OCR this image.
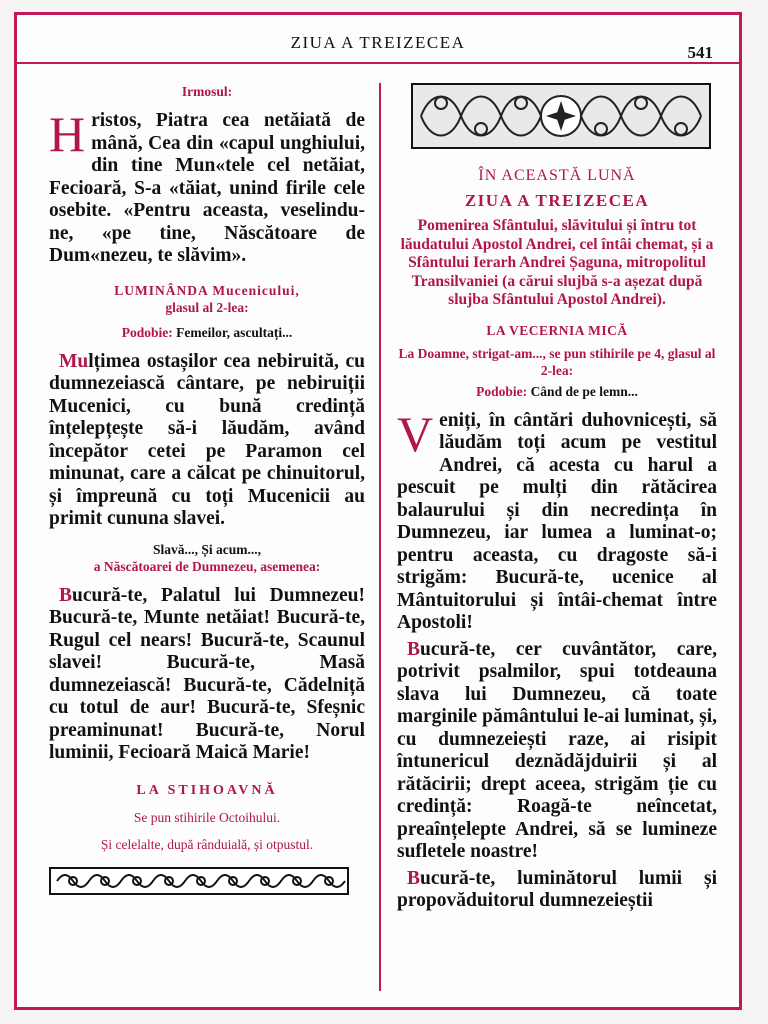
ZIUA A TREIZECEA
541
Irmosul:
Hristos, Piatra cea netăiată de mână, Cea din «capul unghiului, din tine Mun«tele cel netăiat, Fecioară, S-a «tăiat, unind firile cele osebite. «Pentru aceasta, veselindu-ne, «pe tine, Născătoare de Dum«nezeu, te slăvim».
LUMINÂNDA Mucenicului,
glasul al 2-lea:
Podobie: Femeilor, ascultați...
Mulțimea ostașilor cea nebiruită, cu dumnezeiască cântare, pe nebiruiții Mucenici, cu bună credință înțelepțește să-i lăudăm, având începător cetei pe Paramon cel minunat, care a călcat pe chinuitorul, și împreună cu toți Mucenicii au primit cununa slavei.
Slavă..., Și acum...,
a Născătoarei de Dumnezeu, asemenea:
Bucură-te, Palatul lui Dumnezeu! Bucură-te, Munte netăiat! Bucură-te, Rugul cel nears! Bucură-te, Scaunul slavei! Bucură-te, Masă dumnezeiască! Bucură-te, Cădelniță cu totul de aur! Bucură-te, Sfeșnic preaminunat! Bucură-te, Norul luminii, Fecioară Maică Marie!
LA STIHOAVNĂ
Se pun stihirile Octoihului.
Și celelalte, după rânduială, și otpustul.
ÎN ACEASTĂ LUNĂ
ZIUA A TREIZECEA
Pomenirea Sfântului, slăvitului și întru tot lăudatului Apostol Andrei, cel întâi chemat, și a Sfântului Ierarh Andrei Șaguna, mitropolitul Transilvaniei (a cărui slujbă s-a așezat după slujba Sfântului Apostol Andrei).
LA VECERNIA MICĂ
La Doamne, strigat-am..., se pun stihirile pe 4, glasul al 2-lea:
Podobie: Când de pe lemn...
Veniți, în cântări duhovnicești, să lăudăm toți acum pe vestitul Andrei, că acesta cu harul a pescuit pe mulți din rătăcirea balaurului și din necredința în Dumnezeu, iar lumea a luminat-o; pentru aceasta, cu dragoste să-i strigăm: Bucură-te, ucenice al Mântuitorului și întâi-chemat între Apostoli!
Bucură-te, cer cuvântător, care, potrivit psalmilor, spui totdeauna slava lui Dumnezeu, că toate marginile pământului le-ai luminat, și, cu dumnezeiești raze, ai risipit întunericul deznădăjduirii și al rătăcirii; drept aceea, strigăm ție cu credință: Roagă-te neîncetat, preaînțelepte Andrei, să se lumineze sufletele noastre!
Bucură-te, luminătorul lumii și propovăduitorul dumnezeieștii
